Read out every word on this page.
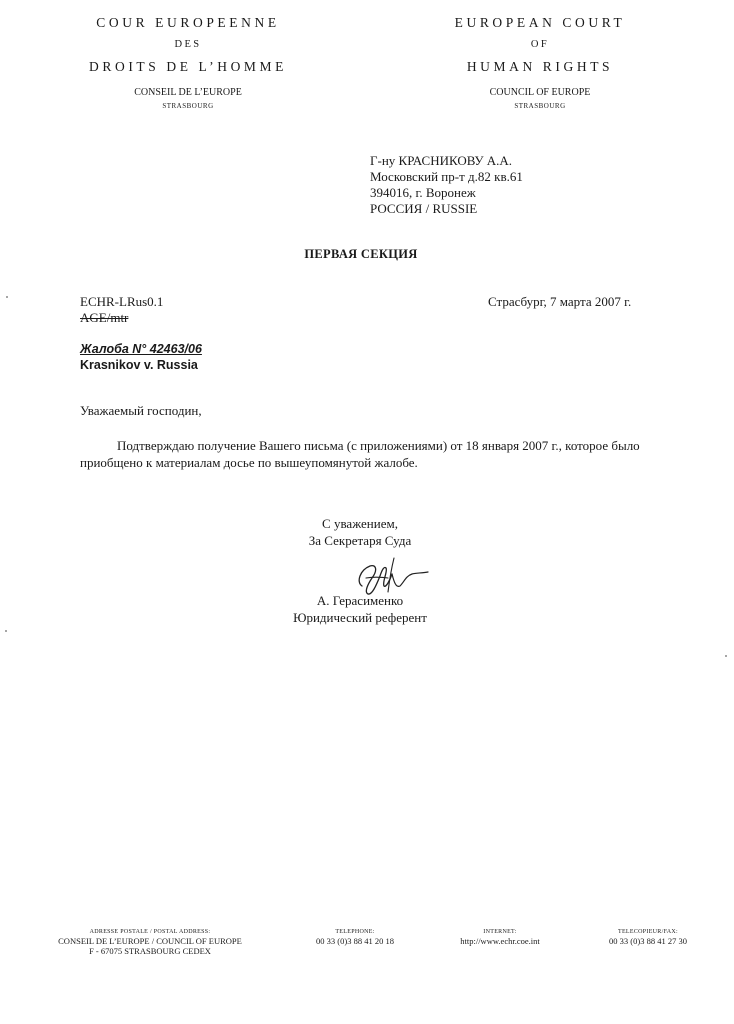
COUR EUROPEENNE
DES
DROITS DE L’HOMME
CONSEIL DE L’EUROPE
STRASBOURG
EUROPEAN COURT
OF
HUMAN RIGHTS
COUNCIL OF EUROPE
STRASBOURG
Г-ну КРАСНИКОВУ А.А.
Московский пр-т д.82 кв.61
394016, г. Воронеж
РОССИЯ / RUSSIE
ПЕРВАЯ СЕКЦИЯ
ECHR-LRus0.1
AGE/mtr
Страсбург, 7 марта 2007 г.
Жалоба N° 42463/06
Krasnikov v. Russia
Уважаемый господин,
Подтверждаю получение Вашего письма (с приложениями) от 18 января 2007 г., которое было приобщено к материалам досье по вышеупомянутой жалобе.
С уважением,
За Секретаря Суда
А. Герасименко
Юридический референт
ADRESSE POSTALE / POSTAL ADDRESS:
CONSEIL DE L’EUROPE / COUNCIL OF EUROPE
F - 67075 STRASBOURG CEDEX
TELEPHONE:
00 33 (0)3 88 41 20 18
INTERNET:
http://www.echr.coe.int
TELECOPIEUR/FAX:
00 33 (0)3 88 41 27 30
